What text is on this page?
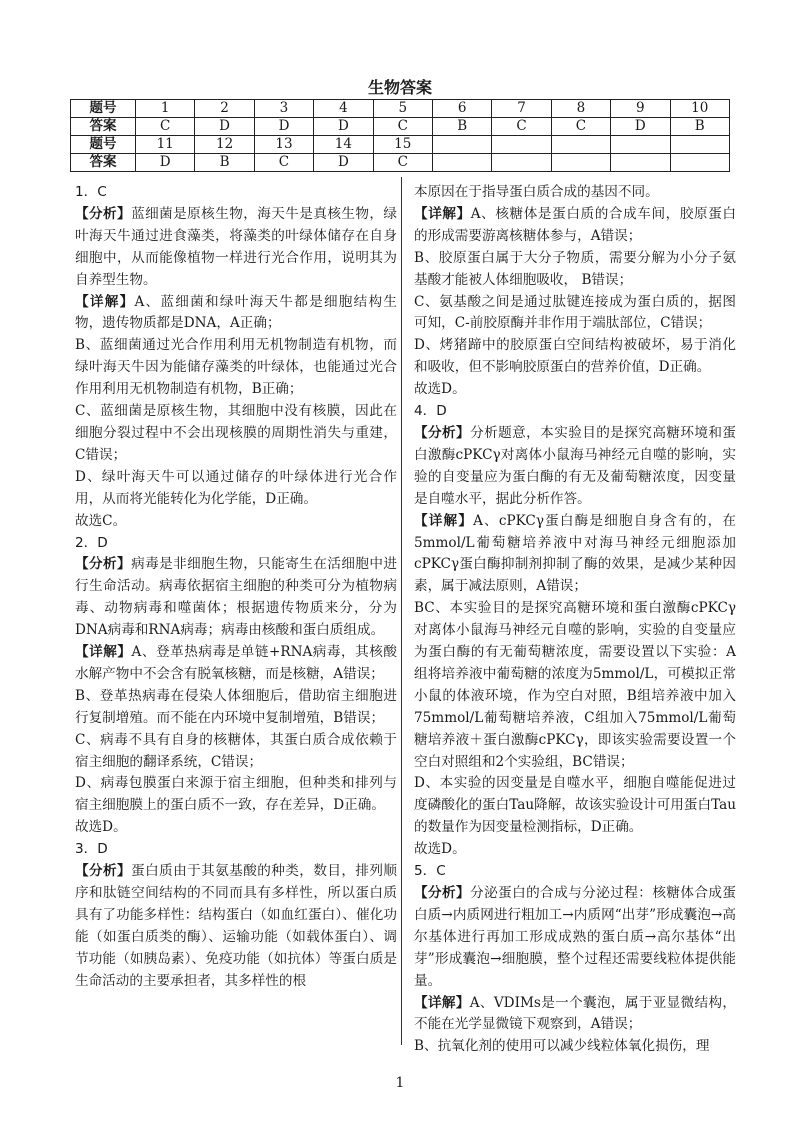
生物答案
题号	1	2	3	4	5	6	7	8	9	10
答案	C	D	D	D	C	B	C	C	D	B
题号	11	12	13	14	15					
答案	D	B	C	D	C					

1．C

【分析】蓝细菌是原核生物，海天牛是真核生物，绿叶海天牛通过进食藻类，将藻类的叶绿体储存在自身细胞中，从而能像植物一样进行光合作用，说明其为自养型生物。

【详解】A、蓝细菌和绿叶海天牛都是细胞结构生物，遗传物质都是DNA，A正确；

B、蓝细菌通过光合作用利用无机物制造有机物，而绿叶海天牛因为能储存藻类的叶绿体，也能通过光合作用利用无机物制造有机物，B正确；

C、蓝细菌是原核生物，其细胞中没有核膜，因此在细胞分裂过程中不会出现核膜的周期性消失与重建，C错误；

D、绿叶海天牛可以通过储存的叶绿体进行光合作用，从而将光能转化为化学能，D正确。

故选C。

2．D

【分析】病毒是非细胞生物，只能寄生在活细胞中进行生命活动。病毒依据宿主细胞的种类可分为植物病毒、动物病毒和噬菌体；根据遗传物质来分，分为DNA病毒和RNA病毒；病毒由核酸和蛋白质组成。

【详解】A、登革热病毒是单链+RNA病毒，其核酸水解产物中不会含有脱氧核糖，而是核糖，A错误；

B、登革热病毒在侵染人体细胞后，借助宿主细胞进行复制增殖。而不能在内环境中复制增殖，B错误；

C、病毒不具有自身的核糖体，其蛋白质合成依赖于宿主细胞的翻译系统，C错误；

D、病毒包膜蛋白来源于宿主细胞，但种类和排列与宿主细胞膜上的蛋白质不一致，存在差异，D正确。

故选D。

3．D

【分析】蛋白质由于其氨基酸的种类，数目，排列顺序和肽链空间结构的不同而具有多样性，所以蛋白质具有了功能多样性：结构蛋白（如血红蛋白）、催化功能（如蛋白质类的酶）、运输功能（如载体蛋白）、调节功能（如胰岛素）、免疫功能（如抗体）等蛋白质是生命活动的主要承担者，其多样性的根

本原因在于指导蛋白质合成的基因不同。

【详解】A、核糖体是蛋白质的合成车间，胶原蛋白的形成需要游离核糖体参与，A错误；

B、胶原蛋白属于大分子物质，需要分解为小分子氨基酸才能被人体细胞吸收， B错误；

C、氨基酸之间是通过肽键连接成为蛋白质的，据图可知，C-前胶原酶并非作用于端肽部位，C错误；

D、烤猪蹄中的胶原蛋白空间结构被破坏，易于消化和吸收，但不影响胶原蛋白的营养价值，D正确。

故选D。

4．D

【分析】分析题意，本实验目的是探究高糖环境和蛋白激酶cPKCγ对离体小鼠海马神经元自噬的影响，实验的自变量应为蛋白酶的有无及葡萄糖浓度，因变量是自噬水平，据此分析作答。

【详解】A、cPKCγ蛋白酶是细胞自身含有的，在5mmol/L葡萄糖培养液中对海马神经元细胞添加cPKCγ蛋白酶抑制剂抑制了酶的效果，是减少某种因素，属于减法原则，A错误；

BC、本实验目的是探究高糖环境和蛋白激酶cPKCγ对离体小鼠海马神经元自噬的影响，实验的自变量应为蛋白酶的有无葡萄糖浓度，需要设置以下实验：A组将培养液中葡萄糖的浓度为5mmol/L，可模拟正常小鼠的体液环境，作为空白对照，B组培养液中加入75mmol/L葡萄糖培养液，C组加入75mmol/L葡萄糖培养液＋蛋白激酶cPKCγ，即该实验需要设置一个空白对照组和2个实验组，BC错误；

D、本实验的因变量是自噬水平，细胞自噬能促进过度磷酸化的蛋白Tau降解，故该实验设计可用蛋白Tau的数量作为因变量检测指标，D正确。

故选D。

5．C

【分析】分泌蛋白的合成与分泌过程：核糖体合成蛋白质→内质网进行粗加工→内质网“出芽”形成囊泡→高尔基体进行再加工形成成熟的蛋白质→高尔基体“出芽”形成囊泡→细胞膜，整个过程还需要线粒体提供能量。

【详解】A、VDIMs是一个囊泡，属于亚显微结构，不能在光学显微镜下观察到，A错误；

B、抗氧化剂的使用可以减少线粒体氧化损伤，理

1
